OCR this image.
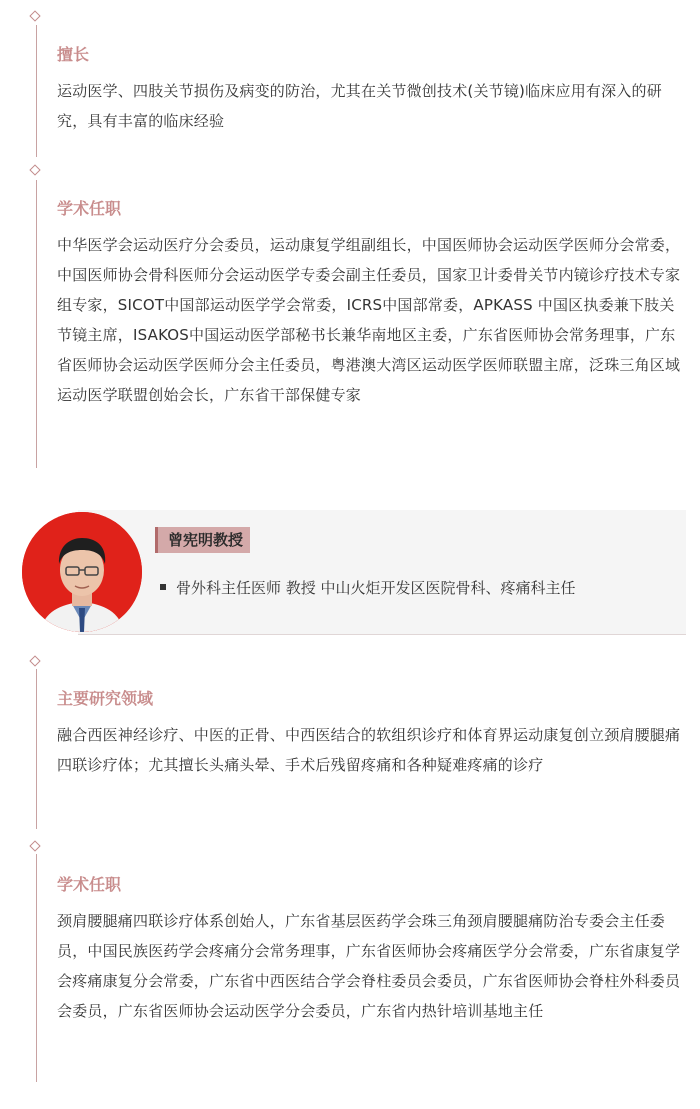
擅长

运动医学、四肢关节损伤及病变的防治，尤其在关节微创技术(关节镜)临床应用有深入的研究，具有丰富的临床经验

学术任职

中华医学会运动医疗分会委员，运动康复学组副组长，中国医师协会运动医学医师分会常委，中国医师协会骨科医师分会运动医学专委会副主任委员，国家卫计委骨关节内镜诊疗技术专家组专家，SICOT中国部运动医学学会常委，ICRS中国部常委，APKASS 中国区执委兼下肢关节镜主席，ISAKOS中国运动医学部秘书长兼华南地区主委，广东省医师协会常务理事，广东省医师协会运动医学医师分会主任委员，粤港澳大湾区运动医学医师联盟主席，泛珠三角区域运动医学联盟创始会长，广东省干部保健专家

曾宪明教授
骨外科主任医师 教授 中山火炬开发区医院骨科、疼痛科主任

主要研究领域

融合西医神经诊疗、中医的正骨、中西医结合的软组织诊疗和体育界运动康复创立颈肩腰腿痛四联诊疗体；尤其擅长头痛头晕、手术后残留疼痛和各种疑难疼痛的诊疗

学术任职

颈肩腰腿痛四联诊疗体系创始人，广东省基层医药学会珠三角颈肩腰腿痛防治专委会主任委员，中国民族医药学会疼痛分会常务理事，广东省医师协会疼痛医学分会常委，广东省康复学会疼痛康复分会常委，广东省中西医结合学会脊柱委员会委员，广东省医师协会脊柱外科委员会委员，广东省医师协会运动医学分会委员，广东省内热针培训基地主任
